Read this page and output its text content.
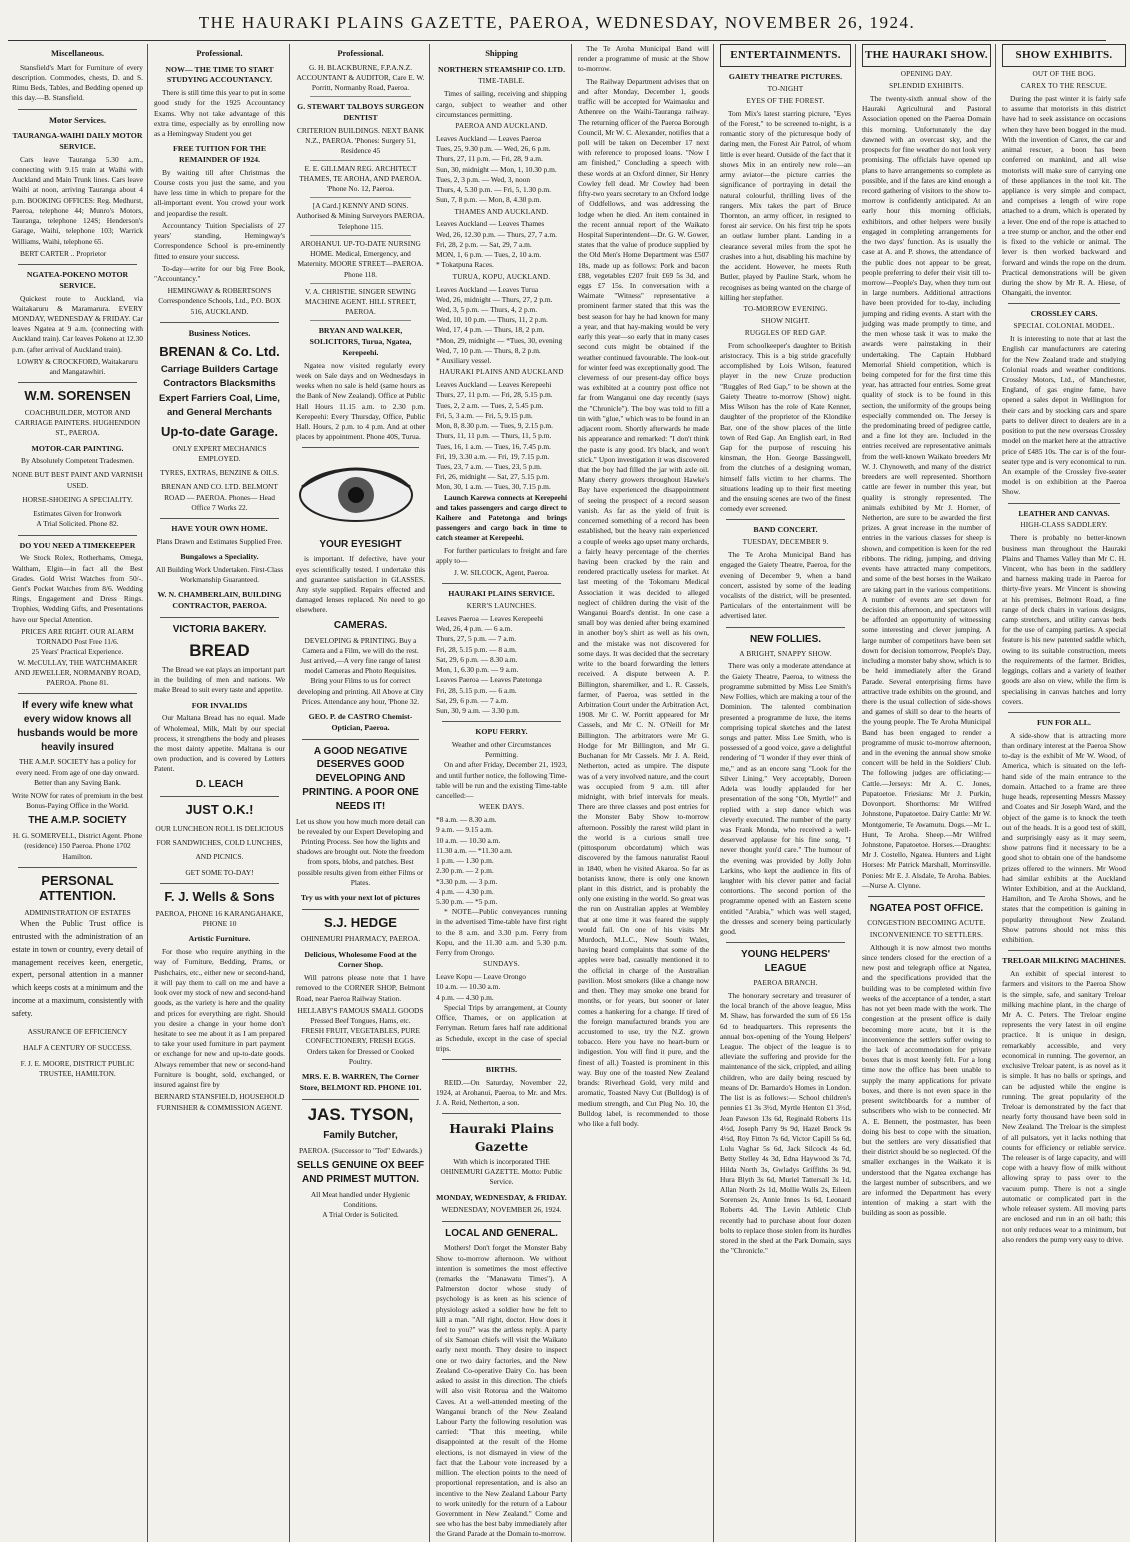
THE HAURAKI PLAINS GAZETTE, PAEROA, WEDNESDAY, NOVEMBER 26, 1924.
Miscellaneous.
Stansfield's Mart for Furniture of every description. Commodes, chests, D. and S. Rimu Beds, Tables, and Bedding opened up this day.—B. Stansfield.
Motor Services.
TAURANGA-WAIHI DAILY MOTOR SERVICE.
Cars leave Tauranga 5.30 a.m., connecting with 9.15 train at Waihi with Auckland and Main Trunk lines. Cars leave Waihi at noon, arriving Tauranga about 4 p.m. BOOKING OFFICES: Reg. Medhurst, Paeroa, telephone 44; Munro's Motors, Tauranga, telephone 124S; Henderson's Garage, Waihi, telephone 103; Warrick Williams, Waihi, telephone 65.
BERT CARTER .. Proprietor
NGATEA-POKENO MOTOR SERVICE.
Quickest route to Auckland, via Waitakaruru & Maramarura. EVERY MONDAY, WEDNESDAY & FRIDAY. Car leaves Ngatea at 9 a.m. (connecting with Auckland train). Car leaves Pokeno at 12.30 p.m. (after arrival of Auckland train).
LOWRY & CROCKFORD, Waitakaruru and Mangatawhiri.
W.M. SORENSEN
COACHBUILDER, MOTOR AND CARRIAGE PAINTERS. HUGHENDON ST., PAEROA.
MOTOR-CAR PAINTING.
By Absolutely Competent Tradesmen.
NONE BUT BEST PAINT AND VARNISH USED.
HORSE-SHOEING A SPECIALITY.
Estimates Given for Ironwork
A Trial Solicited. Phone 82.
DO YOU NEED A TIMEKEEPER
We Stock Rolex, Rotherhams, Omega, Waltham, Elgin—in fact all the Best Grades. Gold Wrist Watches from 50/-. Gent's Pocket Watches from 8/6. Wedding Rings, Engagement and Dress Rings. Trophies, Wedding Gifts, and Presentations have our Special Attention.
PRICES ARE RIGHT. OUR ALARM TORNADO Post Free 11/6.
25 Years' Practical Experience.
W. McCULLAY, THE WATCHMAKER AND JEWELLER, NORMANBY ROAD, PAEROA. Phone 81.
If every wife knew what every widow knows all husbands would be more heavily insured
THE A.M.P. SOCIETY has a policy for every need. From age of one day onward. Better than any Saving Bank.
Write NOW for rates of premium in the best Bonus-Paying Office in the World.
THE A.M.P. SOCIETY
H. G. SOMERVELL, District Agent. Phone (residence) 150 Paeroa. Phone 1702 Hamilton.
PERSONAL ATTENTION.
ADMINISTRATION OF ESTATES
When the Public Trust office is entrusted with the administration of an estate in town or country, every detail of management receives keen, energetic, expert, personal attention in a manner which keeps costs at a minimum and the income at a maximum, consistently with safety.
ASSURANCE OF EFFICIENCY
HALF A CENTURY OF SUCCESS.
F. J. E. MOORE, DISTRICT PUBLIC TRUSTEE, HAMILTON.
Professional.
NOW— THE TIME TO START STUDYING ACCOUNTANCY.
There is still time this year to put in some good study for the 1925 Accountancy Exams. Why not take advantage of this extra time, especially as by enrolling now as a Hemingway Student you get
FREE TUITION FOR THE REMAINDER OF 1924.
By waiting till after Christmas the Course costs you just the same, and you have less time in which to prepare for the all-important event. You crowd your work and jeopardise the result.
Accountancy Tuition Specialists of 27 years' standing, Hemingway's Correspondence School is pre-eminently fitted to ensure your success.
To-day—write for our big Free Book, "Accountancy."
HEMINGWAY & ROBERTSON'S Correspondence Schools, Ltd., P.O. BOX 516, AUCKLAND.
Business Notices.
BRENAN & Co. Ltd.
Carriage Builders Cartage Contractors Blacksmiths Expert Farriers Coal, Lime, and General Merchants
Up-to-date Garage.
ONLY EXPERT MECHANICS EMPLOYED.
TYRES, EXTRAS, BENZINE & OILS.
BRENAN AND CO. LTD. BELMONT ROAD — PAEROA. Phones— Head Office 7 Works 22.
HAVE YOUR OWN HOME.
Plans Drawn and Estimates Supplied Free.
Bungalows a Speciality.
All Building Work Undertaken. First-Class Workmanship Guaranteed.
W. N. CHAMBERLAIN, BUILDING CONTRACTOR, PAEROA.
VICTORIA BAKERY.
BREAD
The Bread we eat plays an important part in the building of men and nations. We make Bread to suit every taste and appetite.
FOR INVALIDS
Our Maltana Bread has no equal. Made of Wholemeal, Milk, Malt by our special process, it strengthens the body and pleases the most dainty appetite. Maltana is our own production, and is covered by Letters Patent.
D. LEACH
JUST O.K.!
OUR LUNCHEON ROLL IS DELICIOUS FOR SANDWICHES, COLD LUNCHES, AND PICNICS.
GET SOME TO-DAY!
F. J. Wells & Sons
PAEROA, PHONE 16 KARANGAHAKE, PHONE 10
Artistic Furniture.
For those who require anything in the way of Furniture, Bedding, Prams, or Pushchairs, etc., either new or second-hand, it will pay them to call on me and have a look over my stock of new and second-hand goods, as the variety is here and the quality and prices for everything are right. Should you desire a change in your home don't hesitate to see me about it as I am prepared to take your used furniture in part payment or exchange for new and up-to-date goods. Always remember that new or second-hand Furniture is bought, sold, exchanged, or insured against fire by
BERNARD STANSFIELD, HOUSEHOLD FURNISHER & COMMISSION AGENT.
Professional.
G. H. BLACKBURNE, F.P.A.N.Z. ACCOUNTANT & AUDITOR, Care E. W. Porritt, Normanby Road, Paeroa.
G. STEWART TALBOYS SURGEON DENTIST
CRITERION BUILDINGS. NEXT BANK N.Z., PAEROA. 'Phones: Surgery 51, Residence 45
E. E. GILLMAN REG. ARCHITECT THAMES, TE AROHA, AND PAEROA. 'Phone No. 12, Paeroa.
[A Card.] KENNY AND SONS. Authorised & Mining Surveyors PAEROA. Telephone 115.
AROHANUI. UP-TO-DATE NURSING HOME. Medical, Emergency, and Maternity. MOORE STREET—PAEROA. Phone 118.
V. A. CHRISTIE. SINGER SEWING MACHINE AGENT. HILL STREET, PAEROA.
BRYAN AND WALKER, SOLICITORS, Turua, Ngatea, Kerepeehi.
Ngatea now visited regularly every week on Sale days and on Wednesdays in weeks when no sale is held (same hours as the Bank of New Zealand). Office at Public Hall Hours 11.15 a.m. to 2.30 p.m. Kerepeehi: Every Thursday, Office, Public Hall. Hours, 2 p.m. to 4 p.m. And at other places by appointment. Phone 40S, Turua.
YOUR EYESIGHT
is important. If defective, have your eyes scientifically tested. I undertake this and guarantee satisfaction in GLASSES. Any style supplied. Repairs effected and damaged lenses replaced. No need to go elsewhere.
CAMERAS.
DEVELOPING & PRINTING. Buy a Camera and a Film, we will do the rest. Just arrived,—A very fine range of latest model Cameras and Photo Requisites. Bring your Films to us for correct developing and printing. All Above at City Prices. Attendance any hour, 'Phone 32.
GEO. P. de CASTRO Chemist-Optician, Paeroa.
A GOOD NEGATIVE DESERVES GOOD DEVELOPING AND PRINTING. A POOR ONE NEEDS IT!
Let us show you how much more detail can be revealed by our Expert Developing and Printing Process. See how the lights and shadows are brought out. Note the freedom from spots, blobs, and patches. Best possible results given from either Films or Plates.
Try us with your next lot of pictures
S.J. HEDGE
OHINEMURI PHARMACY, PAEROA.
Delicious, Wholesome Food at the Corner Shop.
Will patrons please note that I have removed to the CORNER SHOP, Belmont Road, near Paeroa Railway Station.
HELLABY'S FAMOUS SMALL GOODS
Pressed Beef Tongues, Hams, etc.
FRESH FRUIT, VEGETABLES, PURE CONFECTIONERY, FRESH EGGS.
Orders taken for Dressed or Cooked Poultry.
MRS. E. B. WARREN, The Corner Store, BELMONT RD. PHONE 101.
JAS. TYSON,
Family Butcher,
PAEROA. (Successor to "Ted" Edwards.)
SELLS GENUINE OX BEEF AND PRIMEST MUTTON.
All Meat handled under Hygienic Conditions.
A Trial Order is Solicited.
Shipping
NORTHERN STEAMSHIP CO. LTD.
TIME-TABLE.
Times of sailing, receiving and shipping cargo, subject to weather and other circumstances permitting.
PAEROA AND AUCKLAND.
Leaves Auckland — Leaves Paeroa
Tues, 25, 9.30 p.m. — Wed, 26, 6 p.m.
Thurs, 27, 11 p.m. — Fri, 28, 9 a.m.
Sun, 30, midnight — Mon, 1, 10.30 p.m.
Tues, 2, 3 p.m. — Wed, 3, noon
Thurs, 4, 5.30 p.m. — Fri, 5, 1.30 p.m.
Sun, 7, 8 p.m. — Mon, 8, 4.30 p.m.
THAMES AND AUCKLAND.
Leaves Auckland — Leaves Thames
Wed, 26, 12.30 p.m. — Thurs, 27, 7 a.m.
Fri, 28, 2 p.m. — Sat, 29, 7 a.m.
MON, 1, 6 p.m. — Tues, 2, 10 a.m.
* Tokatpuna Races.
TURUA, KOPU, AUCKLAND.
Leaves Auckland — Leaves Turua
Wed, 26, midnight — Thurs, 27, 2 p.m.
Wed, 3, 5 p.m. — Thurs, 4, 2 p.m.
Wed, 10, 10 p.m. — Thurs, 11, 2 p.m.
Wed, 17, 4 p.m. — Thurs, 18, 2 p.m.
*Mon, 29, midnight — *Tues, 30, evening
Wed, 7, 10 p.m. — Thurs, 8, 2 p.m.
* Auxiliary vessel.
HAURAKI PLAINS AND AUCKLAND
Leaves Auckland — Leaves Kerepeehi
Thurs, 27, 11 p.m. — Fri, 28, 5.15 p.m.
Tues, 2, 2 a.m. — Tues, 2, 5.45 p.m.
Fri, 5, 3 a.m. — Fri, 5, 9.15 p.m.
Mon, 8, 8.30 p.m. — Tues, 9, 2.15 p.m.
Thurs, 11, 11 p.m. — Thurs, 11, 5 p.m.
Tues, 16, 1 a.m. — Tues, 16, 7.45 p.m.
Fri, 19, 3.30 a.m. — Fri, 19, 7.15 p.m.
Tues, 23, 7 a.m. — Tues, 23, 5 p.m.
Fri, 26, midnight — Sat, 27, 5.15 p.m.
Mon, 30, 1 a.m. — Tues, 30, 7.15 p.m.
Launch Karewa connects at Kerepeehi and takes passengers and cargo direct to Kaihere and Patetonga and brings passengers and cargo back in time to catch steamer at Kerepeehi.
For further particulars to freight and fare apply to—
J. W. SILCOCK, Agent, Paeroa.
HAURAKI PLAINS SERVICE.
KERR'S LAUNCHES.
Leaves Paeroa — Leaves Kerepeehi
Wed, 26, 4 p.m. — 6 a.m.
Thurs, 27, 5 p.m. — 7 a.m.
Fri, 28, 5.15 p.m. — 8 a.m.
Sat, 29, 6 p.m. — 8.30 a.m.
Mon, 1, 6.30 p.m. — 9 a.m.
Leaves Paeroa — Leaves Patetonga
Fri, 28, 5.15 p.m. — 6 a.m.
Sat, 29, 6 p.m. — 7 a.m.
Sun, 30, 9 a.m. — 3.30 p.m.
KOPU FERRY.
Weather and other Circumstances Permitting.
On and after Friday, December 21, 1923, and until further notice, the following Time-table will be run and the existing Time-table cancelled:—
WEEK DAYS.
*8 a.m. — 8.30 a.m.
9 a.m. — 9.15 a.m.
10 a.m. — 10.30 a.m.
11.30 a.m. — *11.30 a.m.
1 p.m. — 1.30 p.m.
2.30 p.m. — 2 p.m.
*3.30 p.m. — 3 p.m.
4 p.m. — 4.30 p.m.
5.30 p.m. — *5 p.m.
* NOTE—Public conveyances running in the advertised Time-table have first right to the 8 a.m. and 3.30 p.m. Ferry from Kopu, and the 11.30 a.m. and 5.30 p.m. Ferry from Orongo.
SUNDAYS.
Leave Kopu — Leave Orongo
10 a.m. — 10.30 a.m.
4 p.m. — 4.30 p.m.
Special Trips by arrangement, at County Office, Thames, or on application at Ferryman. Return fares half rate additional as Schedule, except in the case of special trips.
BIRTHS.
REID.—On Saturday, November 22, 1924, at Arohanui, Paeroa, to Mr. and Mrs. J. A. Reid, Netherton, a son.
Hauraki Plains Gazette
With which is incorporated THE OHINEMURI GAZETTE. Motto: Public Service.
MONDAY, WEDNESDAY, & FRIDAY.
WEDNESDAY, NOVEMBER 26, 1924.
LOCAL AND GENERAL.
Mothers! Don't forget the Monster Baby Show to-morrow afternoon. We without intention is sometimes the most effective (remarks the "Manawatu Times"). A Palmerston doctor whose study of psychology is as keen as his science of physiology asked a soldier how he felt to kill a man. "All right, doctor. How does it feel to you?" was the artless reply. A party of six Samoan chiefs will visit the Waikato early next month. They desire to inspect one or two dairy factories, and the New Zealand Co-operative Dairy Co. has been asked to assist in this direction. The chiefs will also visit Rotorua and the Waitomo Caves. At a well-attended meeting of the Wanganui branch of the New Zealand Labour Party the following resolution was carried: "That this meeting, while disappointed at the result of the Home elections, is not dismayed in view of the fact that the Labour vote increased by a million. The election points to the need of proportional representation, and is also an incentive to the New Zealand Labour Party to work unitedly for the return of a Labour Government in New Zealand." Come and see who has the best baby immediately after the Grand Parade at the Domain to-morrow.
The Te Aroha Municipal Band will render a programme of music at the Show to-morrow.
The Railway Department advises that on and after Monday, December 1, goods traffic will be accepted for Waimauku and Athenree on the Waihi-Tauranga railway. The returning officer of the Paeroa Borough Council, Mr W. C. Alexander, notifies that a poll will be taken on December 17 next with reference to proposed loans. "Now I am finished," Concluding a speech with these words at an Oxford dinner, Sir Henry Cowley fell dead. Mr Cowley had been fifty-two years secretary to an Oxford lodge of Oddfellows, and was addressing the lodge when he died. An item contained in the recent annual report of the Waikato Hospital Superintendent—Dr. G. W. Gower, states that the value of produce supplied by the Old Men's Home Department was £507 18s, made up as follows: Pork and bacon £88, vegetables £207 fruit £69 5s 3d, and eggs £7 15s. In conversation with a Waimate "Witness" representative a prominent farmer stated that this was the best season for hay he had known for many a year, and that hay-making would be very early this year—so early that in many cases second cuts might be obtained if the weather continued favourable. The look-out for winter feed was exceptionally good. The cleverness of our present-day office boys was exhibited at a country post office not far from Wanganui one day recently (says the "Chronicle"). The boy was told to fill a tin with "glue," which was to be found in an adjacent room. Shortly afterwards he made his appearance and remarked: "I don't think the paste is any good. It's black, and won't stick." Upon investigation it was discovered that the boy had filled the jar with axle oil. Many cherry growers throughout Hawke's Bay have experienced the disappointment of seeing the prospect of a record season vanish. As far as the yield of fruit is concerned something of a record has been established, but the heavy rain experienced a couple of weeks ago upset many orchards, a fairly heavy percentage of the cherries having been cracked by the rain and rendered practically useless for market. At last meeting of the Tokomaru Medical Association it was decided to alleged neglect of children during the visit of the Wanganui Board's dentist. In one case a small boy was denied after being examined in another boy's shirt as well as his own, and the mistake was not discovered for some days. It was decided that the secretary write to the board forwarding the letters received. A dispute between A. P. Billington, sharemilker, and L. R. Cassels, farmer, of Paeroa, was settled in the Arbitration Court under the Arbitration Act, 1908. Mr C. W. Porritt appeared for Mr Cassels, and Mr C. N. O'Neill for Mr Billington. The arbitrators were Mr G. Hodge for Mr Billington, and Mr G. Buchanan for Mr Cassels. Mr J. A. Reid, Netherton, acted as umpire. The dispute was of a very involved nature, and the court was occupied from 9 a.m. till after midnight, with brief intervals for meals. There are three classes and post entries for the Monster Baby Show to-morrow afternoon. Possibly the rarest wild plant in the world is a curious small tree (pittosporum obcordatum) which was discovered by the famous naturalist Raoul in 1840, when he visited Akaroa. So far as botanists know, there is only one known plant in this district, and is probably the only one existing in the world. So great was the run on Australian apples at Wembley that at one time it was feared the supply would fail. On one of his visits Mr Murdoch, M.L.C., New South Wales, having heard complaints that some of the apples were bad, casually mentioned it to the official in charge of the Australian pavilion. Most smokers (like a change now and then. They may smoke one brand for months, or for years, but sooner or later comes a hankering for a change. If tired of the foreign manufactured brands you are accustomed to use, try the N.Z. grown tobacco. Here you have no heart-burn or indigestion. You will find it pure, and the finest of all.) Toasted is prominent in this way. Buy one of the toasted New Zealand brands: Riverhead Gold, very mild and aromatic, Toasted Navy Cut (Bulldog) is of medium strength, and Cut Plug No. 10, the Bulldog label, is recommended to those who like a full body.
ENTERTAINMENTS.
GAIETY THEATRE PICTURES.
TO-NIGHT
EYES OF THE FOREST.
Tom Mix's latest starring picture, "Eyes of the Forest," to be screened to-night, is a romantic story of the picturesque body of daring men, the Forest Air Patrol, of whom little is ever heard. Outside of the fact that it shows Mix in an entirely new role—an army aviator—the picture carries the significance of portraying in detail the natural colourful, thrilling lives of the rangers. Mix takes the part of Bruce Thornton, an army officer, in resigned to forest air service. On his first trip he spots an outlaw lumber plant. Landing in a clearance several miles from the spot he crashes into a hut, disabling his machine by the accident. However, he meets Ruth Butler, played by Pauline Stark, whom he recognises as being wanted on the charge of killing her stepfather.
TO-MORROW EVENING.
SHOW NIGHT.
RUGGLES OF RED GAP.
From schoolkeeper's daughter to British aristocracy. This is a big stride gracefully accomplished by Lois Wilson, featured player in the new Cruze production "Ruggles of Red Gap," to be shown at the Gaiety Theatre to-morrow (Show) night. Miss Wilson has the role of Kate Kenner, daughter of the proprietor of the Klondike Bar, one of the show places of the little town of Red Gap. An English earl, in Red Gap for the purpose of rescuing his kinsman, the Hon. George Bassingwell, from the clutches of a designing woman, himself falls victim to her charms. The situations leading up to their first meeting and the ensuing scenes are two of the finest comedy ever screened.
BAND CONCERT.
TUESDAY, DECEMBER 9.
The Te Aroha Municipal Band has engaged the Gaiety Theatre, Paeroa, for the evening of December 9, when a band concert, assisted by some of the leading vocalists of the district, will be presented. Particulars of the entertainment will be advertised later.
NEW FOLLIES.
A BRIGHT, SNAPPY SHOW.
There was only a moderate attendance at the Gaiety Theatre, Paeroa, to witness the programme submitted by Miss Lee Smith's New Follies, which are making a tour of the Dominion. The talented combination presented a programme de luxe, the items comprising topical sketches and the latest songs and patter. Miss Lee Smith, who is possessed of a good voice, gave a delightful rendering of "I wonder if they ever think of me," and as an encore sang "Look for the Silver Lining." Very acceptably, Doreen Adela was loudly applauded for her presentation of the song "Oh, Myrtle!" and replied with a step dance which was cleverly executed. The number of the party was Frank Monda, who received a well-deserved applause for his fine song, "I never thought you'd care." The humour of the evening was provided by Jolly John Larkins, who kept the audience in fits of laughter with his clever patter and facial contortions. The second portion of the programme opened with an Eastern scene entitled "Arabia," which was well staged, the dresses and scenery being particularly good.
YOUNG HELPERS' LEAGUE
PAEROA BRANCH.
The honorary secretary and treasurer of the local branch of the above league, Miss M. Shaw, has forwarded the sum of £6 15s 6d to headquarters. This represents the annual box-opening of the Young Helpers' League. The object of the league is to alleviate the suffering and provide for the maintenance of the sick, crippled, and ailing children, who are daily being rescued by means of Dr. Barnardo's Homes in London. The list is as follows:— School children's pennies £1 3s 3½d, Myrtle Henton £1 3½d, Jean Pawson 13s 6d, Reginald Roberts 11s 4½d, Joseph Parry 9s 9d, Hazel Brock 9s 4½d, Roy Fitton 7s 6d, Victor Capill 5s 6d, Lulu Vaghar 5s 6d, Jack Silcock 4s 6d, Betty Stelley 4s 3d, Edna Haywood 3s 7d, Hilda North 3s, Gwladys Griffiths 3s 9d, Hura Blyth 3s 6d, Muriel Tattersall 3s 1d, Allan North 2s 1d, Mollie Walls 2s, Eileen Sorensen 2s, Annie Innes 1s 6d, Leonard Roberts 4d. The Levin Athletic Club recently had to purchase about four dozen bolts to replace those stolen from its hurdles stored in the shed at the Park Domain, says the "Chronicle."
THE HAURAKI SHOW.
OPENING DAY.
SPLENDID EXHIBITS.
The twenty-sixth annual show of the Hauraki Agricultural and Pastoral Association opened on the Paeroa Domain this morning. Unfortunately the day dawned with an overcast sky, and the prospects for fine weather do not look very promising. The officials have opened up plans to have arrangements so complete as possible, and if the fates are kind enough a record gathering of visitors to the show to-morrow is confidently anticipated. At an early hour this morning officials, exhibitors, and other helpers were busily engaged in completing arrangements for the two days' function. As is usually the case at A. and P. shows, the attendance of the public does not appear to be great, people preferring to defer their visit till to-morrow—People's Day, when they turn out in large numbers. Additional attractions have been provided for to-day, including jumping and riding events. A start with the judging was made promptly to time, and the men whose task it was to make the awards were painstaking in their undertaking. The Captain Hubbard Memorial Shield competition, which is being competed for for the first time this year, has attracted four entries. Some great quality of stock is to be found in this section, the uniformity of the groups being especially commended on. The Jersey is the predominating breed of pedigree cattle, and a fine lot they are. Included in the entries received are representative animals from the well-known Waikato breeders Mr W. J. Chynoweth, and many of the district breeders are well represented. Shorthorn cattle are fewer in number this year, but quality is strongly represented. The animals exhibited by Mr J. Horner, of Netherton, are sure to be awarded the first prizes. A great increase in the number of entries in the various classes for sheep is shown, and competition is keen for the red ribbons. The riding, jumping, and driving events have attracted many competitors, and some of the best horses in the Waikato are taking part in the various competitions. A number of events are set down for decision this afternoon, and spectators will be afforded an opportunity of witnessing some interesting and clever jumping. A large number of competitors have been set down for decision tomorrow, People's Day, including a monster baby show, which is to be held immediately after the Grand Parade. Several enterprising firms have attractive trade exhibits on the ground, and there is the usual collection of side-shows and games of skill so dear to the hearts of the young people. The Te Aroha Municipal Band has been engaged to render a programme of music to-morrow afternoon, and in the evening the annual show smoke concert will be held in the Soldiers' Club. The following judges are officiating:— Cattle.—Jerseys: Mr A. C. Jones, Pupatoetoe. Friesians: Mr J. Purkin, Dovonport. Shorthorns: Mr Wilfred Johnstone, Pupatoetoe. Dairy Cattle: Mr W. Montgomerie, Te Awamutu. Dogs.—Mr L. Hunt, Te Aroha. Sheep.—Mr Wilfred Johnstone, Papatoetoe. Horses.—Draughts: Mr J. Costello, Ngatea. Hunters and Light Horses: Mr Patrick Marshall, Morrinsville. Ponies: Mr E. J. Alsdale, Te Aroha. Babies.—Nurse A. Clynne.
NGATEA POST OFFICE.
CONGESTION BECOMING ACUTE.
INCONVENIENCE TO SETTLERS.
Although it is now almost two months since tenders closed for the erection of a new post and telegraph office at Ngatea, and the specifications provided that the building was to be completed within five weeks of the acceptance of a tender, a start has not yet been made with the work. The congestion at the present office is daily becoming more acute, but it is the inconvenience the settlers suffer owing to the lack of accommodation for private boxes that is most keenly felt. For a long time now the office has been unable to supply the many applications for private boxes, and there is not even space in the present switchboards for a number of subscribers who wish to be connected. Mr A. E. Bennett, the postmaster, has been doing his best to cope with the situation, but the settlers are very dissatisfied that their district should be so neglected. Of the smaller exchanges in the Waikato it is understood that the Ngatea exchange has the largest number of subscribers, and we are informed the Department has every intention of making a start with the building as soon as possible.
SHOW EXHIBITS.
OUT OF THE BOG.
CAREX TO THE RESCUE.
During the past winter it is fairly safe to assume that motorists in this district have had to seek assistance on occasions when they have been bogged in the mud. With the invention of Carex, the car and animal rescuer, a boon has been conferred on mankind, and all wise motorists will make sure of carrying one of these appliances in the tool kit. The appliance is very simple and compact, and comprises a length of wire rope attached to a drum, which is operated by a lever. One end of the rope is attached to a tree stump or anchor, and the other end is fixed to the vehicle or animal. The lever is then worked backward and forward and winds the rope on the drum. Practical demonstrations will be given during the show by Mr R. A. Hiese, of Ohangaiti, the inventor.
CROSSLEY CARS.
SPECIAL COLONIAL MODEL.
It is interesting to note that at last the English car manufacturers are catering for the New Zealand trade and studying Colonial roads and weather conditions. Crossley Motors, Ltd., of Manchester, England, of gas engine fame, have opened a sales depot in Wellington for their cars and by stocking cars and spare parts to deliver direct to dealers are in a position to put the new overseas Crossley model on the market here at the attractive price of £485 10s. The car is of the four-seater type and is very economical to run. An example of the Crossley five-seater model is on exhibition at the Paeroa Show.
LEATHER AND CANVAS.
HIGH-CLASS SADDLERY.
There is probably no better-known business man throughout the Hauraki Plains and Thames Valley than Mr C. H. Vincent, who has been in the saddlery and harness making trade in Paeroa for thirty-five years. Mr Vincent is showing at his premises, Belmont Road, a fine range of deck chairs in various designs, camp stretchers, and utility canvas beds for the use of camping parties. A special feature is his new patented saddle which, owing to its suitable construction, meets the requirements of the farmer. Bridles, leggings, collars and a variety of leather goods are also on view, while the firm is specialising in canvas hatches and lorry covers.
FUN FOR ALL.
A side-show that is attracting more than ordinary interest at the Paeroa Show to-day is the exhibit of Mr W. Wood, of America, which is situated on the left-hand side of the main entrance to the domain. Attached to a frame are three huge heads, representing Messrs Massey and Coates and Sir Joseph Ward, and the object of the game is to knock the teeth out of the heads. It is a good test of skill, and surprisingly easy as it may seem, show patrons find it necessary to be a good shot to obtain one of the handsome prizes offered to the winners. Mr Wood had similar exhibits at the Auckland Winter Exhibition, and at the Auckland, Hamilton, and Te Aroha Shows, and he states that the competition is gaining in popularity throughout New Zealand. Show patrons should not miss this exhibition.
TRELOAR MILKING MACHINES.
An exhibit of special interest to farmers and visitors to the Paeroa Show is the simple, safe, and sanitary Treloar milking machine plant, in the charge of Mr A. C. Peters. The Treloar engine represents the very latest in oil engine practice. It is unique in design, remarkably accessible, and very economical in running. The governor, an exclusive Treloar patent, is as novel as it is simple. It has no balls or springs, and can be adjusted while the engine is running. The great popularity of the Treloar is demonstrated by the fact that nearly forty thousand have been sold in New Zealand. The Treloar is the simplest of all pulsators, yet it lacks nothing that counts for efficiency or reliable service. The releaser is of large capacity, and will cope with a heavy flow of milk without allowing spray to pass over to the vacuum pump. There is not a single automatic or complicated part in the whole releaser system. All moving parts are enclosed and run in an oil bath; this not only reduces wear to a minimum, but also renders the pump very easy to drive.
